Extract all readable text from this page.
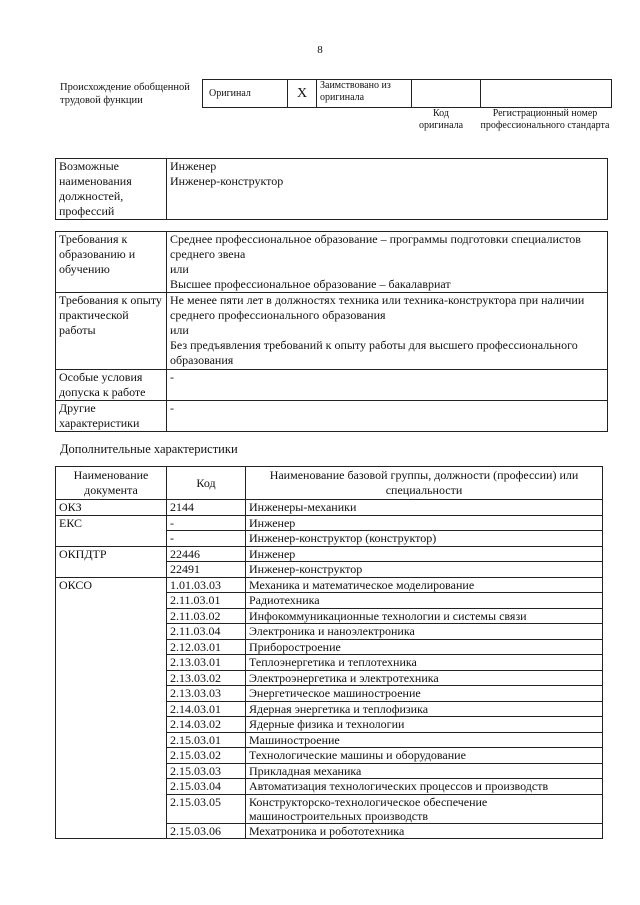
8
Происхождение обобщенной трудовой функции
Оригинал	X	Заимствовано из оригинала		
Код оригинала
Регистрационный номер профессионального стандарта
Возможные наименования должностей, профессий	
Инженер
Инженер-конструктор
Требования к образованию и обучению	Среднее профессиональное образование – программы подготовки специалистов среднего звена
или
Высшее профессиональное образование – бакалавриат

Требования к опыту практической работы	Не менее пяти лет в должностях техника или техника-конструктора при наличии среднего профессионального образования
или
Без предъявления требований к опыту работы для высшего профессионального образования

Особые условия допуска к работе	-
Другие характеристики	-
Дополнительные характеристики
Наименование документа	Код	Наименование базовой группы, должности (профессии) или специальности
ОКЗ	2144	Инженеры-механики
ЕКС	-	Инженер
	-	Инженер-конструктор (конструктор)
ОКПДТР	22446	Инженер
	22491	Инженер-конструктор
ОКСО	1.01.03.03	Механика и математическое моделирование
	2.11.03.01	Радиотехника
	2.11.03.02	Инфокоммуникационные технологии и системы связи
	2.11.03.04	Электроника и наноэлектроника
	2.12.03.01	Приборостроение
	2.13.03.01	Теплоэнергетика и теплотехника
	2.13.03.02	Электроэнергетика и электротехника
	2.13.03.03	Энергетическое машиностроение
	2.14.03.01	Ядерная энергетика и теплофизика
	2.14.03.02	Ядерные физика и технологии
	2.15.03.01	Машиностроение
	2.15.03.02	Технологические машины и оборудование
	2.15.03.03	Прикладная механика
	2.15.03.04	Автоматизация технологических процессов и производств
	2.15.03.05	Конструкторско-технологическое обеспечение машиностроительных производств
	2.15.03.06	Мехатроника и робототехника
